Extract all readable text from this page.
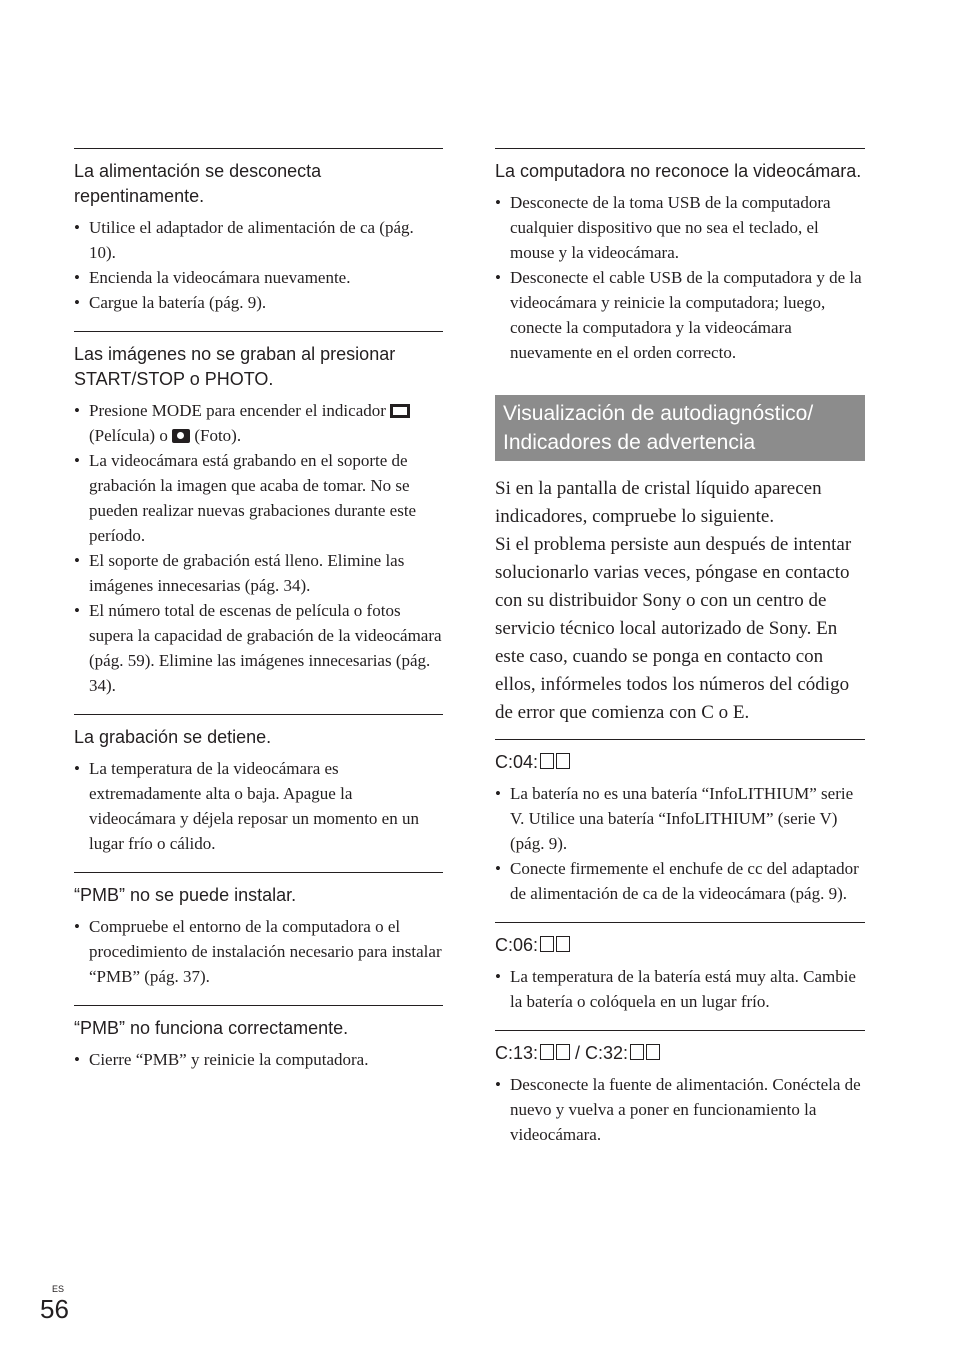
La alimentación se desconecta repentinamente.
• Utilice el adaptador de alimentación de ca (pág. 10).
• Encienda la videocámara nuevamente.
• Cargue la batería (pág. 9).
Las imágenes no se graban al presionar START/STOP o PHOTO.
• Presione MODE para encender el indicador  (Película) o (Foto).
• La videocámara está grabando en el soporte de grabación la imagen que acaba de tomar. No se pueden realizar nuevas grabaciones durante este período.
• El soporte de grabación está lleno. Elimine las imágenes innecesarias (pág. 34).
• El número total de escenas de película o fotos supera la capacidad de grabación de la videocámara (pág. 59). Elimine las imágenes innecesarias (pág. 34).
La grabación se detiene.
• La temperatura de la videocámara es extremadamente alta o baja. Apague la videocámara y déjela reposar un momento en un lugar frío o cálido.
“PMB” no se puede instalar.
• Compruebe el entorno de la computadora o el procedimiento de instalación necesario para instalar “PMB” (pág. 37).
“PMB” no funciona correctamente.
• Cierre “PMB” y reinicie la computadora.
La computadora no reconoce la videocámara.
• Desconecte de la toma USB de la computadora cualquier dispositivo que no sea el teclado, el mouse y la videocámara.
• Desconecte el cable USB de la computadora y de la videocámara y reinicie la computadora; luego, conecte la computadora y la videocámara nuevamente en el orden correcto.
Visualización de autodiagnóstico/ Indicadores de advertencia
Si en la pantalla de cristal líquido aparecen indicadores, compruebe lo siguiente.
Si el problema persiste aun después de intentar solucionarlo varias veces, póngase en contacto con su distribuidor Sony o con un centro de servicio técnico local autorizado de Sony. En este caso, cuando se ponga en contacto con ellos, infórmeles todos los números del código de error que comienza con C o E.
C:04:
• La batería no es una batería “InfoLITHIUM” serie V. Utilice una batería “InfoLITHIUM” (serie V) (pág. 9).
• Conecte firmemente el enchufe de cc del adaptador de alimentación de ca de la videocámara (pág. 9).
C:06:
• La temperatura de la batería está muy alta. Cambie la batería o colóquela en un lugar frío.
C:13: / C:32:
• Desconecte la fuente de alimentación. Conéctela de nuevo y vuelva a poner en funcionamiento la videocámara.
ES
56
